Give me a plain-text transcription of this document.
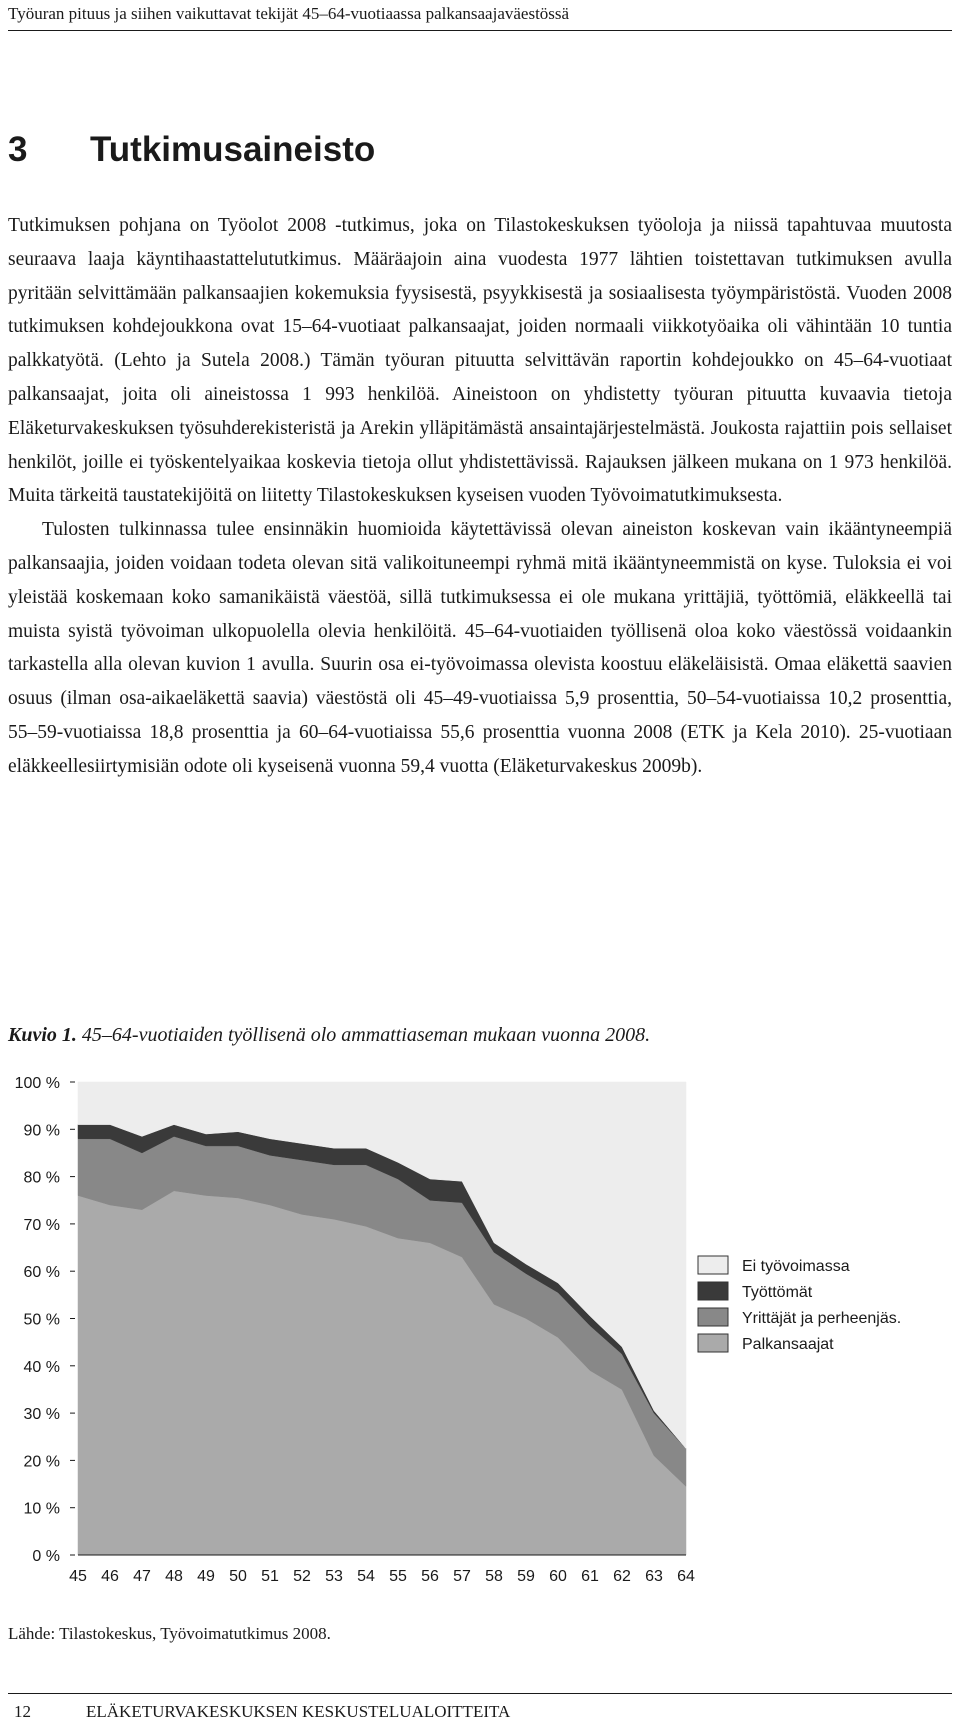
Työuran pituus ja siihen vaikuttavat tekijät 45–64-vuotiaassa palkansaajaväestössä
3 Tutkimusaineisto

Tutkimuksen pohjana on Työolot 2008 -tutkimus, joka on Tilastokeskuksen työoloja ja niissä tapahtuvaa muutosta seuraava laaja käyntihaastattelututkimus. Määräajoin aina vuodesta 1977 lähtien toistettavan tutkimuksen avulla pyritään selvittämään palkansaajien kokemuksia fyysisestä, psyykkisestä ja sosiaalisesta työympäristöstä. Vuoden 2008 tutkimuksen kohdejoukkona ovat 15–64-vuotiaat palkansaajat, joiden normaali viikkotyöaika oli vähintään 10 tuntia palkkatyötä. (Lehto ja Sutela 2008.) Tämän työuran pituutta selvittävän raportin kohdejoukko on 45–64-vuotiaat palkansaajat, joita oli aineistossa 1 993 henkilöä. Aineistoon on yhdistetty työuran pituutta kuvaavia tietoja Eläketurvakeskuksen työsuhderekisteristä ja Arekin ylläpitämästä ansaintajärjestelmästä. Joukosta rajattiin pois sellaiset henkilöt, joille ei työskentelyaikaa koskevia tietoja ollut yhdistettävissä. Rajauksen jälkeen mukana on 1 973 henkilöä. Muita tärkeitä taustatekijöitä on liitetty Tilastokeskuksen kyseisen vuoden Työvoimatutkimuksesta.

Tulosten tulkinnassa tulee ensinnäkin huomioida käytettävissä olevan aineiston koskevan vain ikääntyneempiä palkansaajia, joiden voidaan todeta olevan sitä valikoituneempi ryhmä mitä ikääntyneemmistä on kyse. Tuloksia ei voi yleistää koskemaan koko samanikäistä väestöä, sillä tutkimuksessa ei ole mukana yrittäjiä, työttömiä, eläkkeellä tai muista syistä työvoiman ulkopuolella olevia henkilöitä. 45–64-vuotiaiden työllisenä oloa koko väestössä voidaankin tarkastella alla olevan kuvion 1 avulla. Suurin osa ei-työvoimassa olevista koostuu eläkeläisistä. Omaa eläkettä saavien osuus (ilman osa-aikaeläkettä saavia) väestöstä oli 45–49-vuotiaissa 5,9 prosenttia, 50–54-vuotiaissa 10,2 prosenttia, 55–59-vuotiaissa 18,8 prosenttia ja 60–64-vuotiaissa 55,6 prosenttia vuonna 2008 (ETK ja Kela 2010). 25-vuotiaan eläkkeellesiirtymisiän odote oli kyseisenä vuonna 59,4 vuotta (Eläketurvakeskus 2009b).

Kuvio 1. 45–64-vuotiaiden työllisenä olo ammattiaseman mukaan vuonna 2008.
0 %
10 %
20 %
30 %
40 %
50 %
60 %
70 %
80 %
90 %
100 %
45 46 47 48 49 50 51 52 53 54 55 56 57 58 59 60 61 62 63 64
Ei työvoimassa
Työttömät
Yrittäjät ja perheenjäs.
Palkansaajat
Lähde: Tilastokeskus, Työvoimatutkimus 2008.
12	ELÄKETURVAKESKUKSEN KESKUSTELUALOITTEITA
